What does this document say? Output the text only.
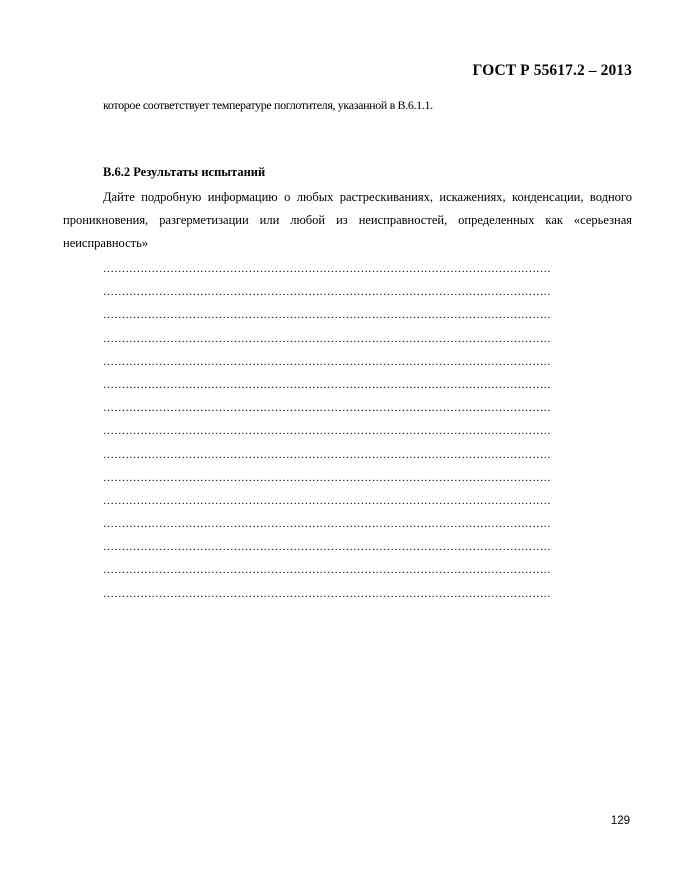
ГОСТ Р 55617.2 – 2013
которое соответствует температуре поглотителя, указанной в В.6.1.1.
В.6.2 Результаты испытаний
Дайте подробную информацию о любых растрескиваниях, искажениях, конденсации, водного проникновения, разгерметизации или любой из неисправностей, определенных как «серьезная неисправность»
…………………………………………………………………………………………………………
…………………………………………………………………………………………………………
…………………………………………………………………………………………………………
…………………………………………………………………………………………………………
…………………………………………………………………………………………………………
…………………………………………………………………………………………………………
…………………………………………………………………………………………………………
…………………………………………………………………………………………………………
…………………………………………………………………………………………………………
…………………………………………………………………………………………………………
…………………………………………………………………………………………………………
…………………………………………………………………………………………………………
…………………………………………………………………………………………………………
…………………………………………………………………………………………………………
…………………………………………………………………………………………………………
129
